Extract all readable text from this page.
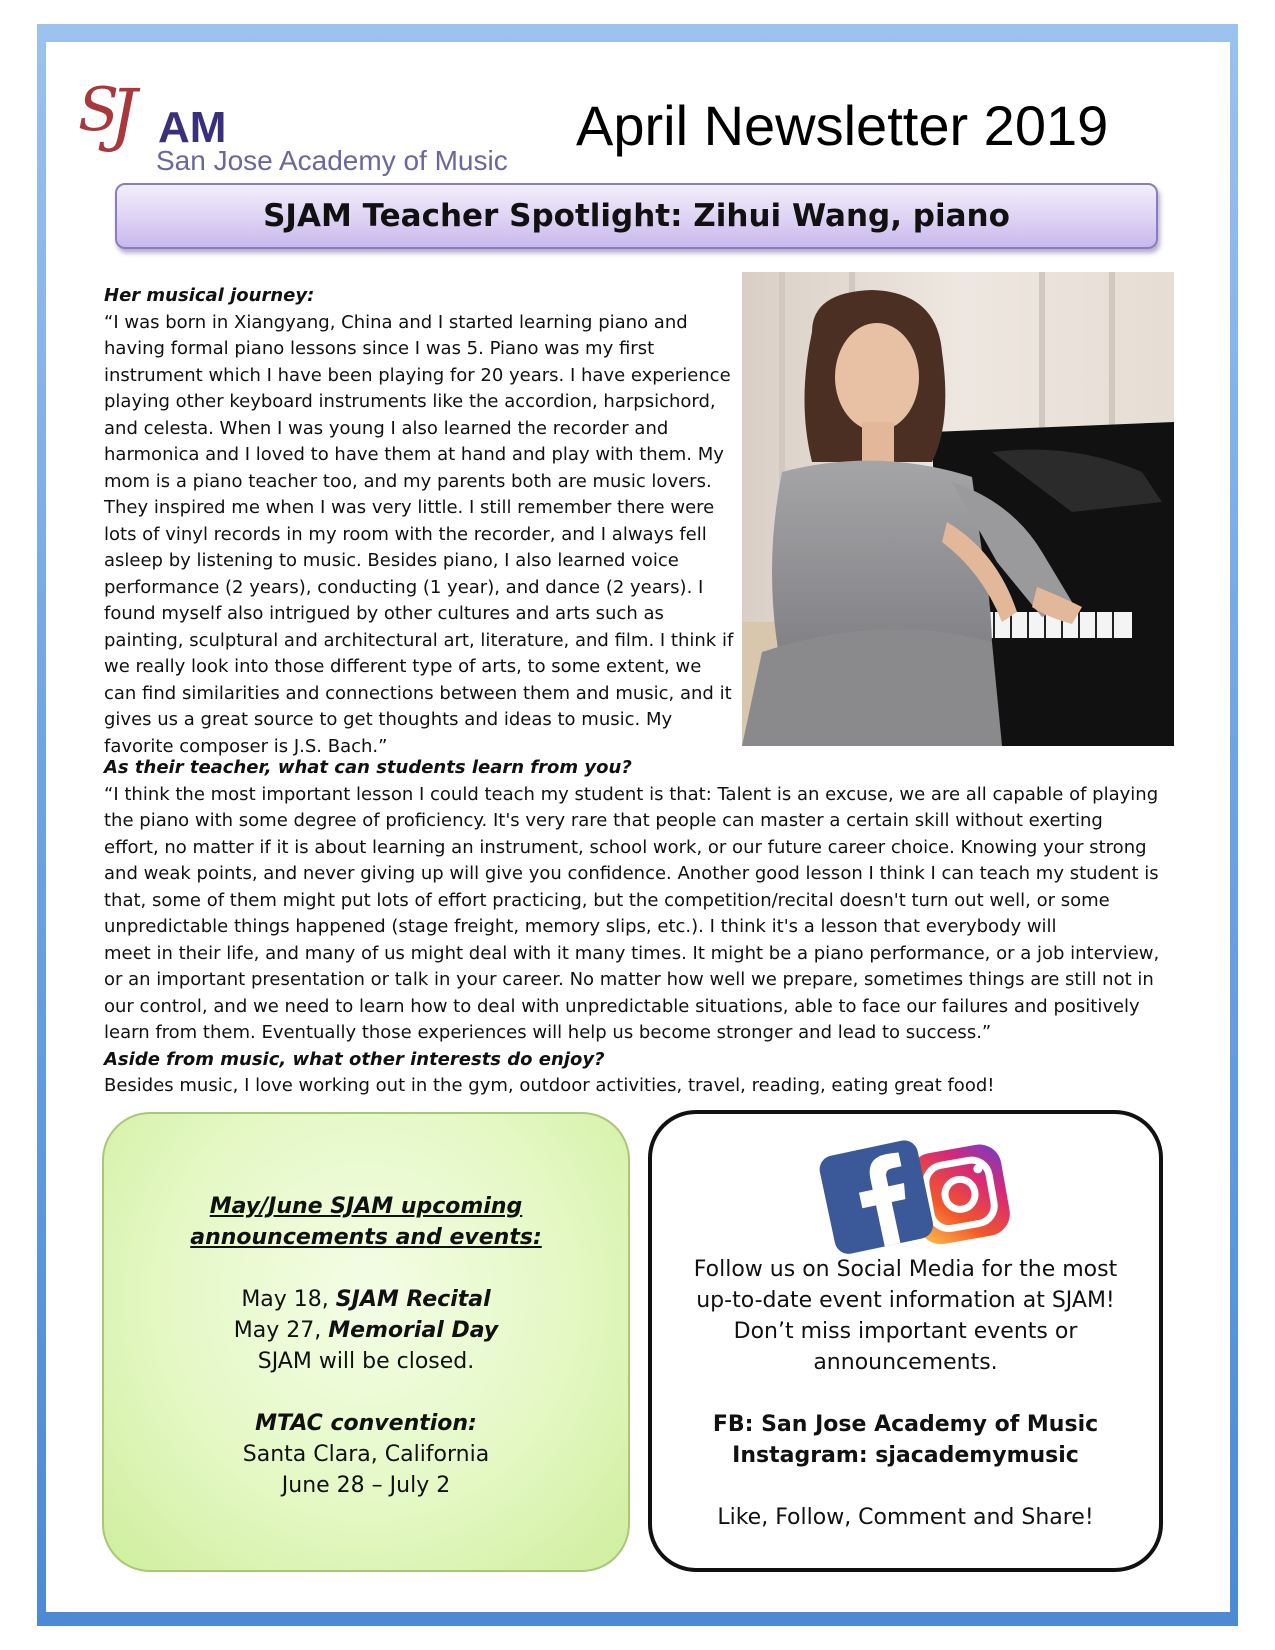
S
J AM
San Jose Academy of Music
April Newsletter 2019
SJAM Teacher Spotlight: Zihui Wang, piano

Her musical journey:

“I was born in Xiangyang, China and I started learning piano and

having formal piano lessons since I was 5. Piano was my first

instrument which I have been playing for 20 years. I have experience

playing other keyboard instruments like the accordion, harpsichord,

and celesta. When I was young I also learned the recorder and

harmonica and I loved to have them at hand and play with them. My

mom is a piano teacher too, and my parents both are music lovers.

They inspired me when I was very little. I still remember there were

lots of vinyl records in my room with the recorder, and I always fell

asleep by listening to music. Besides piano, I also learned voice

performance (2 years), conducting (1 year), and dance (2 years). I

found myself also intrigued by other cultures and arts such as

painting, sculptural and architectural art, literature, and film. I think if

we really look into those different type of arts, to some extent, we

can find similarities and connections between them and music, and it

gives us a great source to get thoughts and ideas to music. My

favorite composer is J.S. Bach.”

As their teacher, what can students learn from you?

“I think the most important lesson I could teach my student is that: Talent is an excuse, we are all capable of playing

the piano with some degree of proficiency. It's very rare that people can master a certain skill without exerting

effort, no matter if it is about learning an instrument, school work, or our future career choice. Knowing your strong

and weak points, and never giving up will give you confidence. Another good lesson I think I can teach my student is

that, some of them might put lots of effort practicing, but the competition/recital doesn't turn out well, or some

unpredictable things happened (stage freight, memory slips, etc.). I think it's a lesson that everybody will

meet in their life, and many of us might deal with it many times. It might be a piano performance, or a job interview,

or an important presentation or talk in your career. No matter how well we prepare, sometimes things are still not in

our control, and we need to learn how to deal with unpredictable situations, able to face our failures and positively

learn from them. Eventually those experiences will help us become stronger and lead to success.”

Aside from music, what other interests do enjoy?

Besides music, I love working out in the gym, outdoor activities, travel, reading, eating great food!

May/June SJAM upcoming
announcements and events:
May 18, SJAM Recital
May 27, Memorial Day
SJAM will be closed.
MTAC convention:
Santa Clara, California
June 28 – July 2
Follow us on Social Media for the most
up-to-date event information at SJAM!
Don’t miss important events or
announcements.
FB: San Jose Academy of Music
Instagram: sjacademymusic
Like, Follow, Comment and Share!
